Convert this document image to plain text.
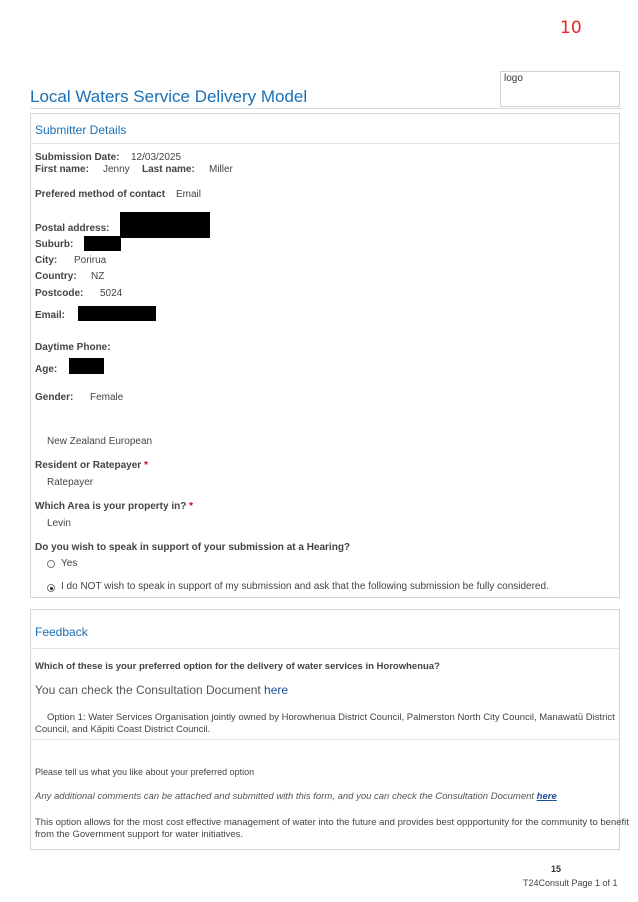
10
logo
Local Waters Service Delivery Model
Submitter Details
Submission Date: 12/03/2025
First name: Jenny Last name: Miller
Prefered method of contact Email
Postal address:
Suburb:
City: Porirua
Country: NZ
Postcode: 5024
Email:
Daytime Phone:
Age:
Gender: Female
New Zealand European
Resident or Ratepayer *
Ratepayer
Which Area is your property in? *
Levin
Do you wish to speak in support of your submission at a Hearing?
Yes
I do NOT wish to speak in support of my submission and ask that the following submission be fully considered.
Feedback
Which of these is your preferred option for the delivery of water services in Horowhenua?
You can check the Consultation Document here
Option 1: Water Services Organisation jointly owned by Horowhenua District Council, Palmerston North City Council, Manawatū District
Council, and Kāpiti Coast District Council.
Please tell us what you like about your preferred option
Any additional comments can be attached and submitted with this form, and you can check the Consultation Document here
This option allows for the most cost effective management of water into the future and provides best oppportunity for the community to benefit
from the Government support for water initiatives.
15
T24Consult Page 1 of 1
